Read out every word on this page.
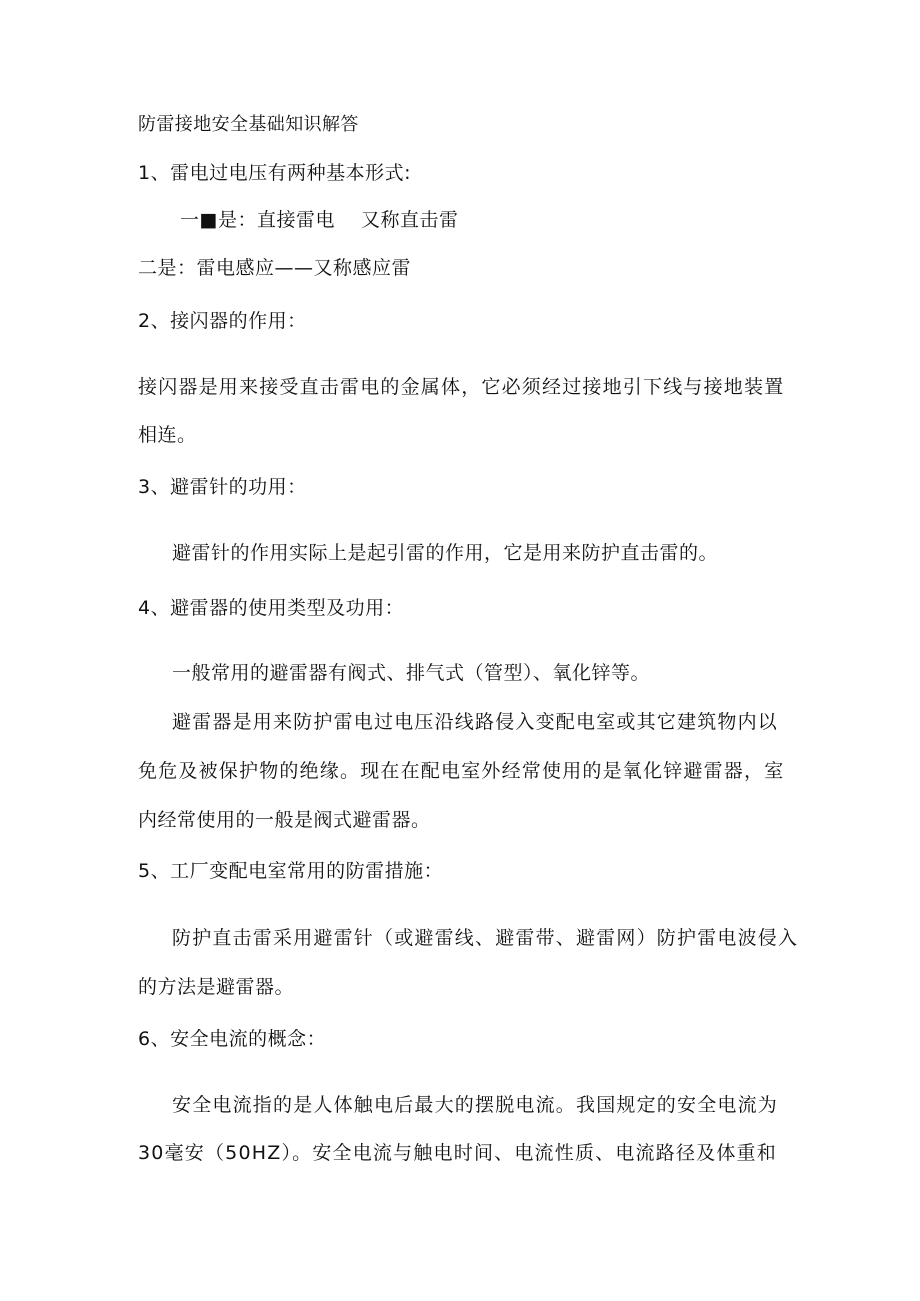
防雷接地安全基础知识解答
1、雷电过电压有两种基本形式:
一■是：直接雷电　 又称直击雷
二是：雷电感应——又称感应雷
2、接闪器的作用：
接闪器是用来接受直击雷电的金属体，它必须经过接地引下线与接地装置
相连。
3、避雷针的功用：
避雷针的作用实际上是起引雷的作用，它是用来防护直击雷的。
4、避雷器的使用类型及功用：
一般常用的避雷器有阀式、排气式（管型）、氧化锌等。
避雷器是用来防护雷电过电压沿线路侵入变配电室或其它建筑物内以
免危及被保护物的绝缘。现在在配电室外经常使用的是氧化锌避雷器，室
内经常使用的一般是阀式避雷器。
5、工厂变配电室常用的防雷措施：
防护直击雷采用避雷针（或避雷线、避雷带、避雷网）防护雷电波侵入
的方法是避雷器。
6、安全电流的概念：
安全电流指的是人体触电后最大的摆脱电流。我国规定的安全电流为
30毫安（50HZ）。安全电流与触电时间、电流性质、电流路径及体重和
